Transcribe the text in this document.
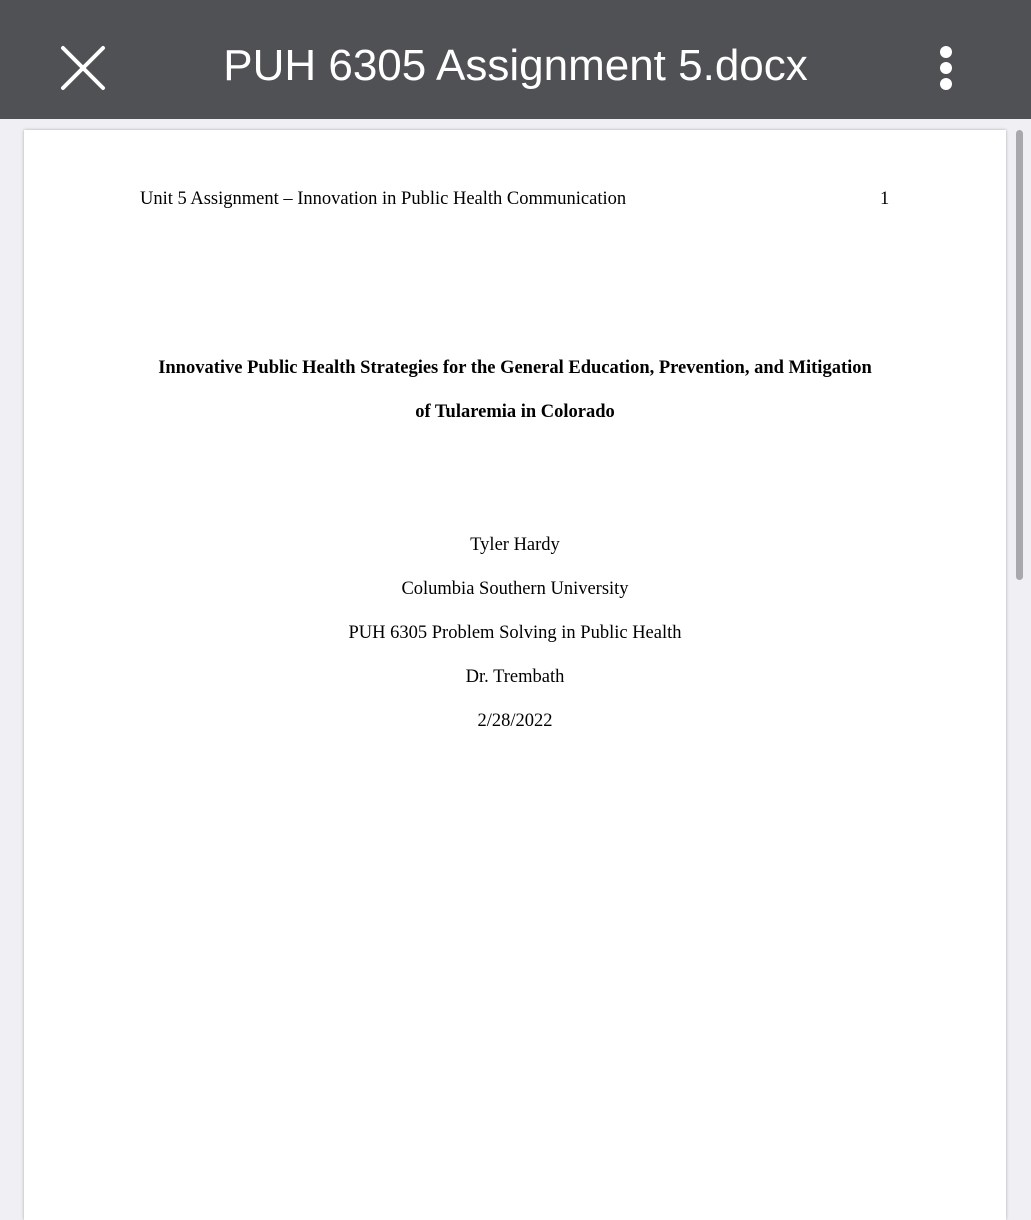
PUH 6305 Assignment 5.docx
Unit 5 Assignment – Innovation in Public Health Communication	1
Innovative Public Health Strategies for the General Education, Prevention, and Mitigation
of Tularemia in Colorado
Tyler Hardy
Columbia Southern University
PUH 6305 Problem Solving in Public Health
Dr. Trembath
2/28/2022
